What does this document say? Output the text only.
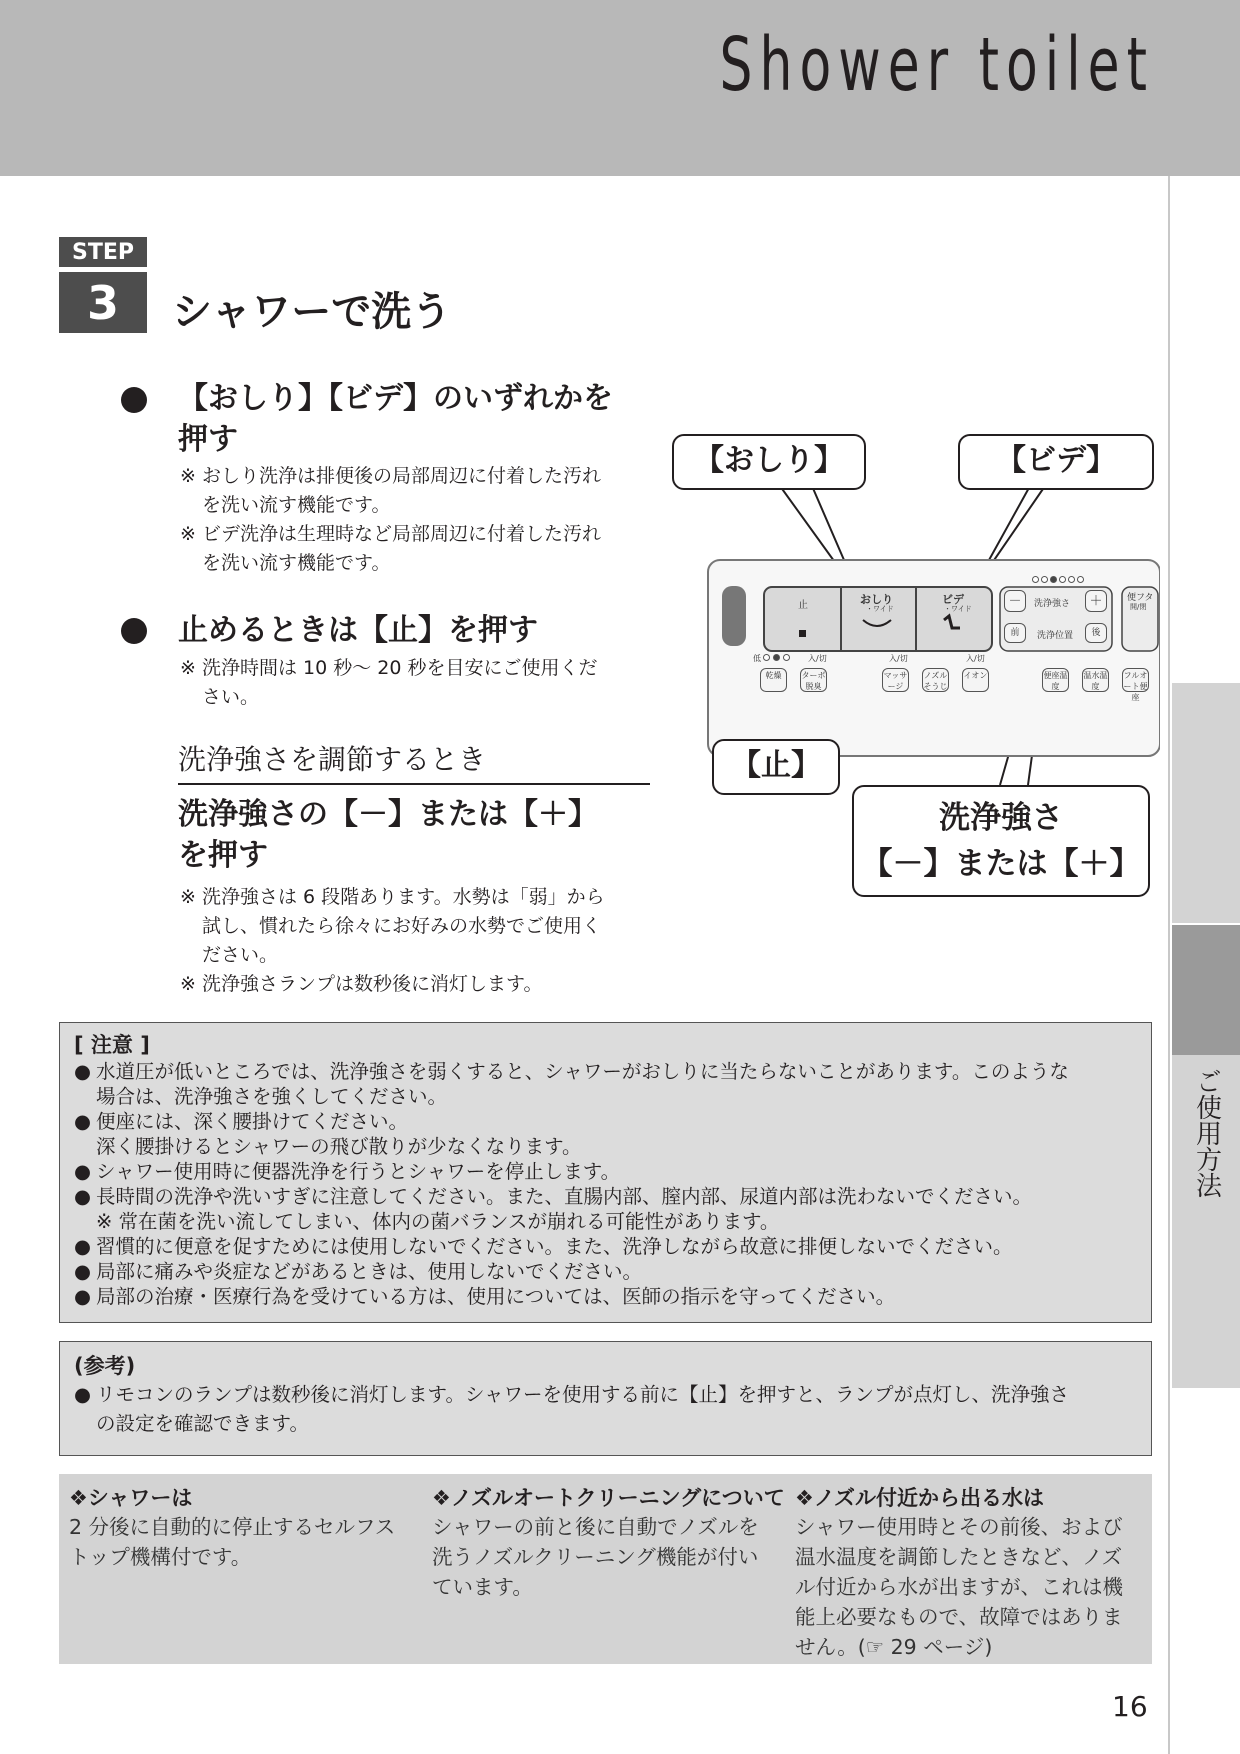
Shower toilet
ご使用方法
STEP
3	シャワーで洗う
【おしり】【ビデ】のいずれかを
押す
※ おしり洗浄は排便後の局部周辺に付着した汚れ
を洗い流す機能です。
※ ビデ洗浄は生理時など局部周辺に付着した汚れ
を洗い流す機能です。
止めるときは【止】を押す
※ 洗浄時間は 10 秒～ 20 秒を目安にご使用くだ
さい。
洗浄強さを調節するとき
洗浄強さの【－】または【＋】
を押す
※ 洗浄強さは 6 段階あります。水勢は「弱」から
試し、慣れたら徐々にお好みの水勢でご使用く
ださい。
※ 洗浄強さランプは数秒後に消灯します。
止	おしり
・ワイド
ビデ
・ワイド	－	洗浄強さ	＋
前	洗浄位置	後
便フタ
開/閉
低	入/切	入/切	入/切
乾燥	ターボ脱臭
マッサージ
ノズルそうじ
イオン	便座温度
温水温度
フルオート便座
【おしり】	【ビデ】
【止】
洗浄強さ
【－】または【＋】
[ 注意 ]
● 水道圧が低いところでは、洗浄強さを弱くすると、シャワーがおしりに当たらないことがあります。このような
場合は、洗浄強さを強くしてください。
● 便座には、深く腰掛けてください。
深く腰掛けるとシャワーの飛び散りが少なくなります。
● シャワー使用時に便器洗浄を行うとシャワーを停止します。
● 長時間の洗浄や洗いすぎに注意してください。また、直腸内部、膣内部、尿道内部は洗わないでください。
※ 常在菌を洗い流してしまい、体内の菌バランスが崩れる可能性があります。
● 習慣的に便意を促すためには使用しないでください。また、洗浄しながら故意に排便しないでください。
● 局部に痛みや炎症などがあるときは、使用しないでください。
● 局部の治療・医療行為を受けている方は、使用については、医師の指示を守ってください。
(参考)
● リモコンのランプは数秒後に消灯します。シャワーを使用する前に【止】を押すと、ランプが点灯し、洗浄強さ
の設定を確認できます。
❖シャワーは
2 分後に自動的に停止するセルフス
トップ機構付です。
❖ノズルオートクリーニングについて
シャワーの前と後に自動でノズルを
洗うノズルクリーニング機能が付い
ています。
❖ノズル付近から出る水は
シャワー使用時とその前後、および
温水温度を調節したときなど、ノズ
ル付近から水が出ますが、これは機
能上必要なもので、故障ではありま
せん。(☞ 29 ページ)
16
